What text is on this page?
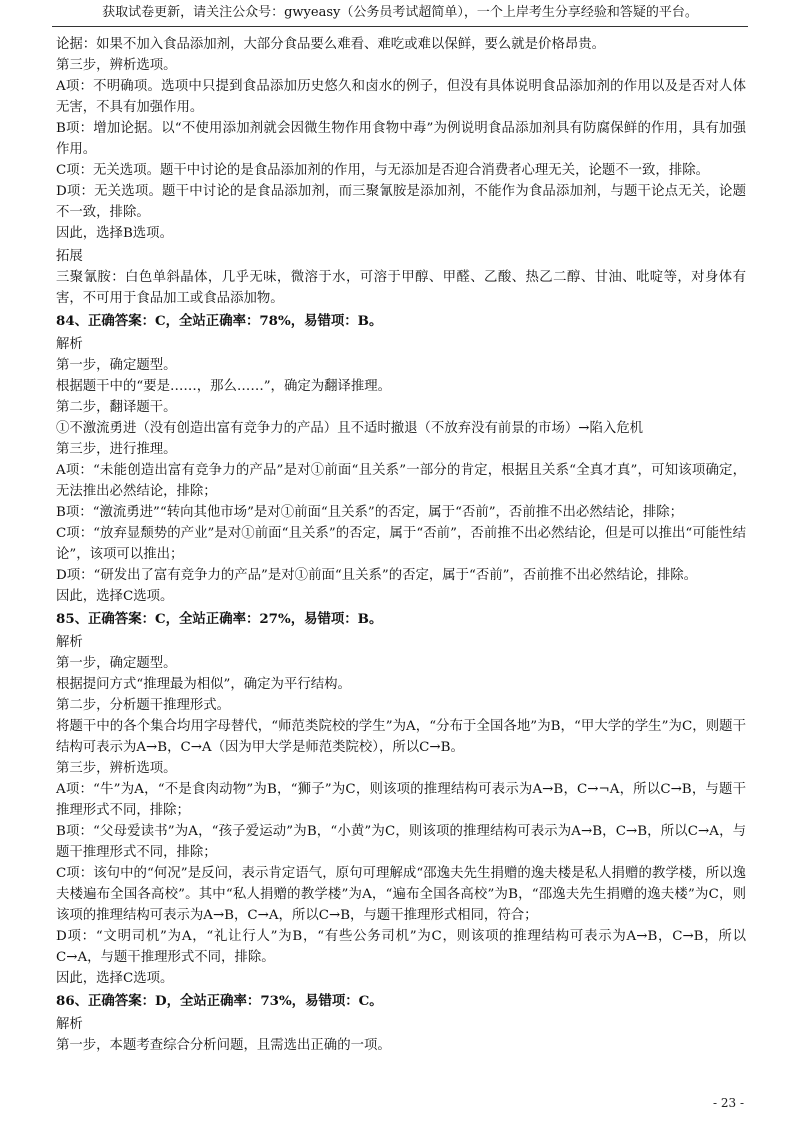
获取试卷更新，请关注公众号：gwyeasy（公务员考试超简单），一个上岸考生分享经验和答疑的平台。

论据：如果不加入食品添加剂，大部分食品要么难看、难吃或难以保鲜，要么就是价格昂贵。

第三步，辨析选项。

A项：不明确项。选项中只提到食品添加历史悠久和卤水的例子，但没有具体说明食品添加剂的作用以及是否对人体无害，不具有加强作用。

B项：增加论据。以“不使用添加剂就会因微生物作用食物中毒”为例说明食品添加剂具有防腐保鲜的作用，具有加强作用。

C项：无关选项。题干中讨论的是食品添加剂的作用，与无添加是否迎合消费者心理无关，论题不一致，排除。

D项：无关选项。题干中讨论的是食品添加剂，而三聚氰胺是添加剂，不能作为食品添加剂，与题干论点无关，论题不一致，排除。

因此，选择B选项。

拓展

三聚氰胺：白色单斜晶体，几乎无味，微溶于水，可溶于甲醇、甲醛、乙酸、热乙二醇、甘油、吡啶等，对身体有害，不可用于食品加工或食品添加物。

84、正确答案：C，全站正确率：78%，易错项：B。

解析

第一步，确定题型。

根据题干中的“要是……，那么……”，确定为翻译推理。

第二步，翻译题干。

①不激流勇进（没有创造出富有竞争力的产品）且不适时撤退（不放弃没有前景的市场）→陷入危机

第三步，进行推理。

A项：“未能创造出富有竞争力的产品”是对①前面“且关系”一部分的肯定，根据且关系“全真才真”，可知该项确定，无法推出必然结论，排除；

B项：“激流勇进”“转向其他市场”是对①前面“且关系”的否定，属于“否前”，否前推不出必然结论，排除；

C项：“放弃显颓势的产业”是对①前面“且关系”的否定，属于“否前”，否前推不出必然结论，但是可以推出“可能性结论”，该项可以推出；

D项：“研发出了富有竞争力的产品”是对①前面“且关系”的否定，属于“否前”，否前推不出必然结论，排除。

因此，选择C选项。

85、正确答案：C，全站正确率：27%，易错项：B。

解析

第一步，确定题型。

根据提问方式“推理最为相似”，确定为平行结构。

第二步，分析题干推理形式。

将题干中的各个集合均用字母替代，“师范类院校的学生”为A，“分布于全国各地”为B，“甲大学的学生”为C，则题干结构可表示为A→B，C→A（因为甲大学是师范类院校），所以C→B。

第三步，辨析选项。

A项：“牛”为A，“不是食肉动物”为B，“狮子”为C，则该项的推理结构可表示为A→B，C→¬A，所以C→B，与题干推理形式不同，排除；

B项：“父母爱读书”为A，“孩子爱运动”为B，“小黄”为C，则该项的推理结构可表示为A→B，C→B，所以C→A，与题干推理形式不同，排除；

C项：该句中的“何况”是反问，表示肯定语气，原句可理解成“邵逸夫先生捐赠的逸夫楼是私人捐赠的教学楼，所以逸夫楼遍布全国各高校”。其中“私人捐赠的教学楼”为A，“遍布全国各高校”为B，“邵逸夫先生捐赠的逸夫楼”为C，则该项的推理结构可表示为A→B，C→A，所以C→B，与题干推理形式相同，符合；

D项：“文明司机”为A，“礼让行人”为B，“有些公务司机”为C，则该项的推理结构可表示为A→B，C→B，所以C→A，与题干推理形式不同，排除。

因此，选择C选项。

86、正确答案：D，全站正确率：73%，易错项：C。

解析

第一步，本题考查综合分析问题，且需选出正确的一项。

- 23 -
